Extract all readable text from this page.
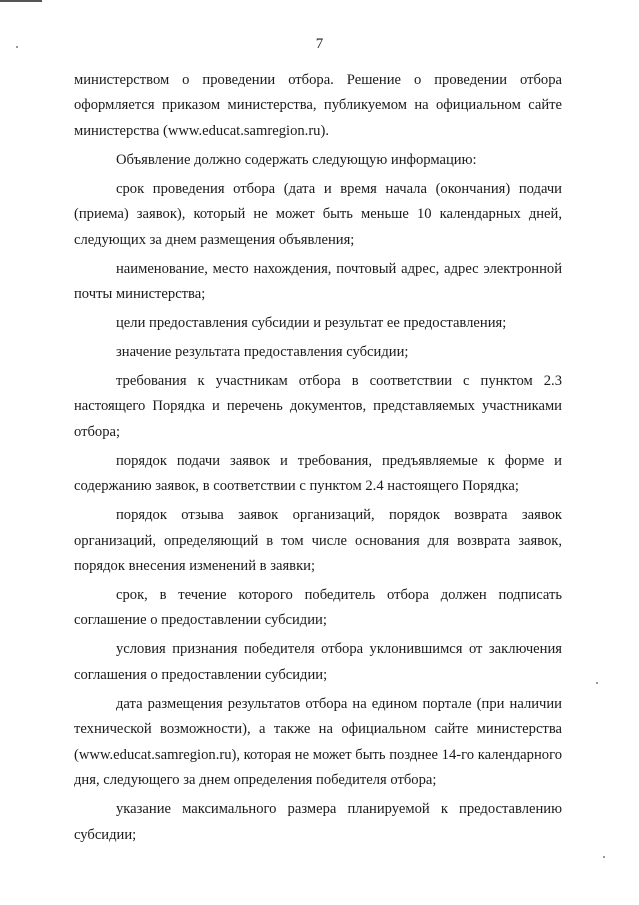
7

министерством о проведении отбора. Решение о проведении отбора оформляется приказом министерства, публикуемом на официальном сайте министерства (www.educat.samregion.ru).

Объявление должно содержать следующую информацию:

срок проведения отбора (дата и время начала (окончания) подачи (приема) заявок), который не может быть меньше 10 календарных дней, следующих за днем размещения объявления;

наименование, место нахождения, почтовый адрес, адрес электронной почты министерства;

цели предоставления субсидии и результат ее предоставления;

значение результата предоставления субсидии;

требования к участникам отбора в соответствии с пунктом 2.3 настоящего Порядка и перечень документов, представляемых участниками отбора;

порядок подачи заявок и требования, предъявляемые к форме и содержанию заявок, в соответствии с пунктом 2.4 настоящего Порядка;

порядок отзыва заявок организаций, порядок возврата заявок организаций, определяющий в том числе основания для возврата заявок, порядок внесения изменений в заявки;

срок, в течение которого победитель отбора должен подписать соглашение о предоставлении субсидии;

условия признания победителя отбора уклонившимся от заключения соглашения о предоставлении субсидии;

дата размещения результатов отбора на едином портале (при наличии технической возможности), а также на официальном сайте министерства (www.educat.samregion.ru), которая не может быть позднее 14-го календарного дня, следующего за днем определения победителя отбора;

указание максимального размера планируемой к предоставлению субсидии;
